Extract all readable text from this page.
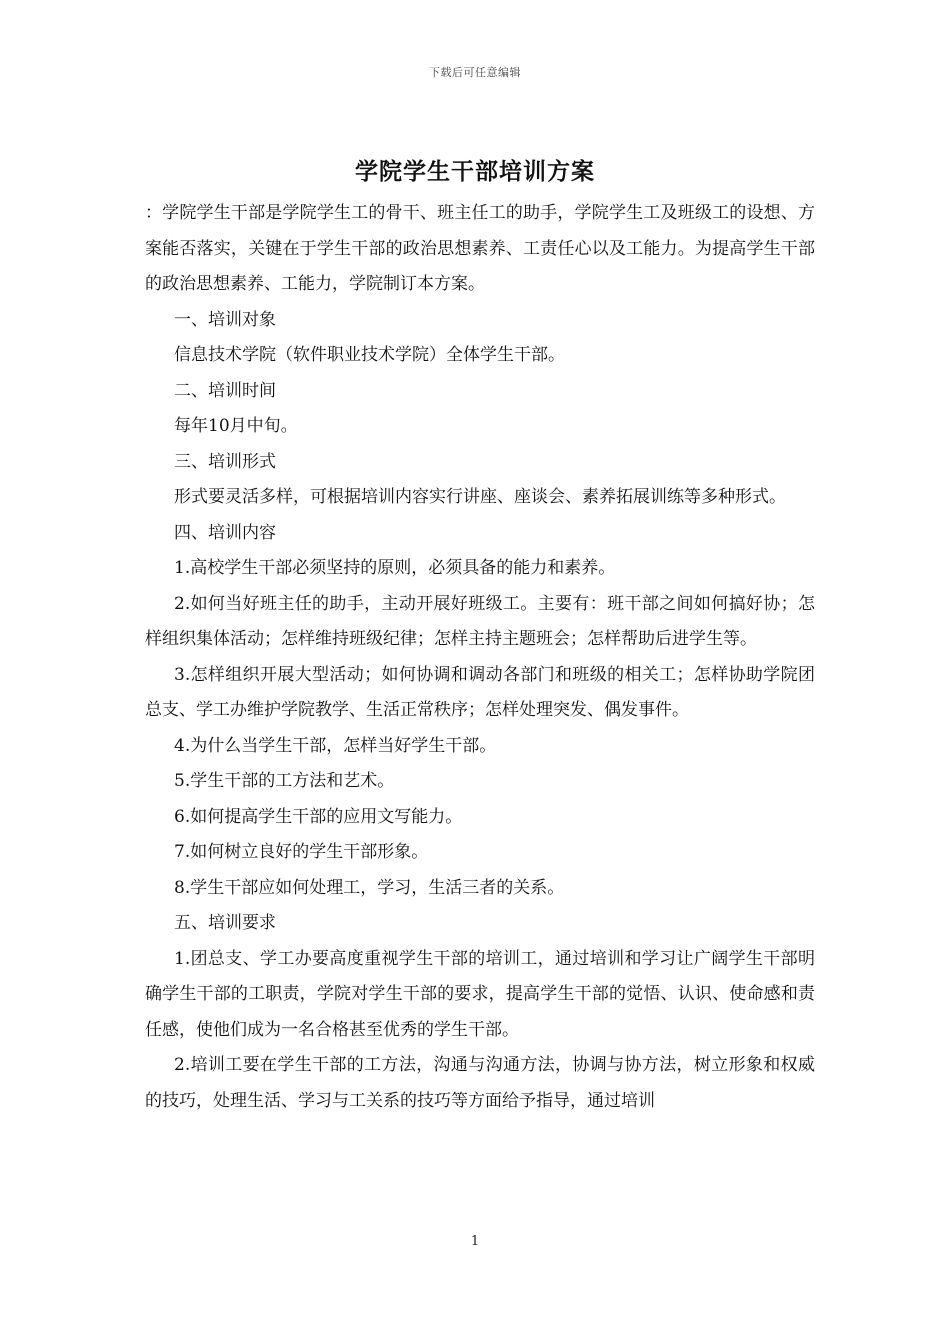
下载后可任意编辑
学院学生干部培训方案

：学院学生干部是学院学生工的骨干、班主任工的助手，学院学生工及班级工的设想、方案能否落实，关键在于学生干部的政治思想素养、工责任心以及工能力。为提高学生干部的政治思想素养、工能力，学院制订本方案。

一、培训对象

信息技术学院（软件职业技术学院）全体学生干部。

二、培训时间

每年10月中旬。

三、培训形式

形式要灵活多样，可根据培训内容实行讲座、座谈会、素养拓展训练等多种形式。

四、培训内容

1.高校学生干部必须坚持的原则，必须具备的能力和素养。

2.如何当好班主任的助手，主动开展好班级工。主要有：班干部之间如何搞好协；怎样组织集体活动；怎样维持班级纪律；怎样主持主题班会；怎样帮助后进学生等。

3.怎样组织开展大型活动；如何协调和调动各部门和班级的相关工；怎样协助学院团总支、学工办维护学院教学、生活正常秩序；怎样处理突发、偶发事件。

4.为什么当学生干部，怎样当好学生干部。

5.学生干部的工方法和艺术。

6.如何提高学生干部的应用文写能力。

7.如何树立良好的学生干部形象。

8.学生干部应如何处理工，学习，生活三者的关系。

五、培训要求

1.团总支、学工办要高度重视学生干部的培训工，通过培训和学习让广阔学生干部明确学生干部的工职责，学院对学生干部的要求，提高学生干部的觉悟、认识、使命感和责任感，使他们成为一名合格甚至优秀的学生干部。

2.培训工要在学生干部的工方法，沟通与沟通方法，协调与协方法，树立形象和权威的技巧，处理生活、学习与工关系的技巧等方面给予指导，通过培训

1
